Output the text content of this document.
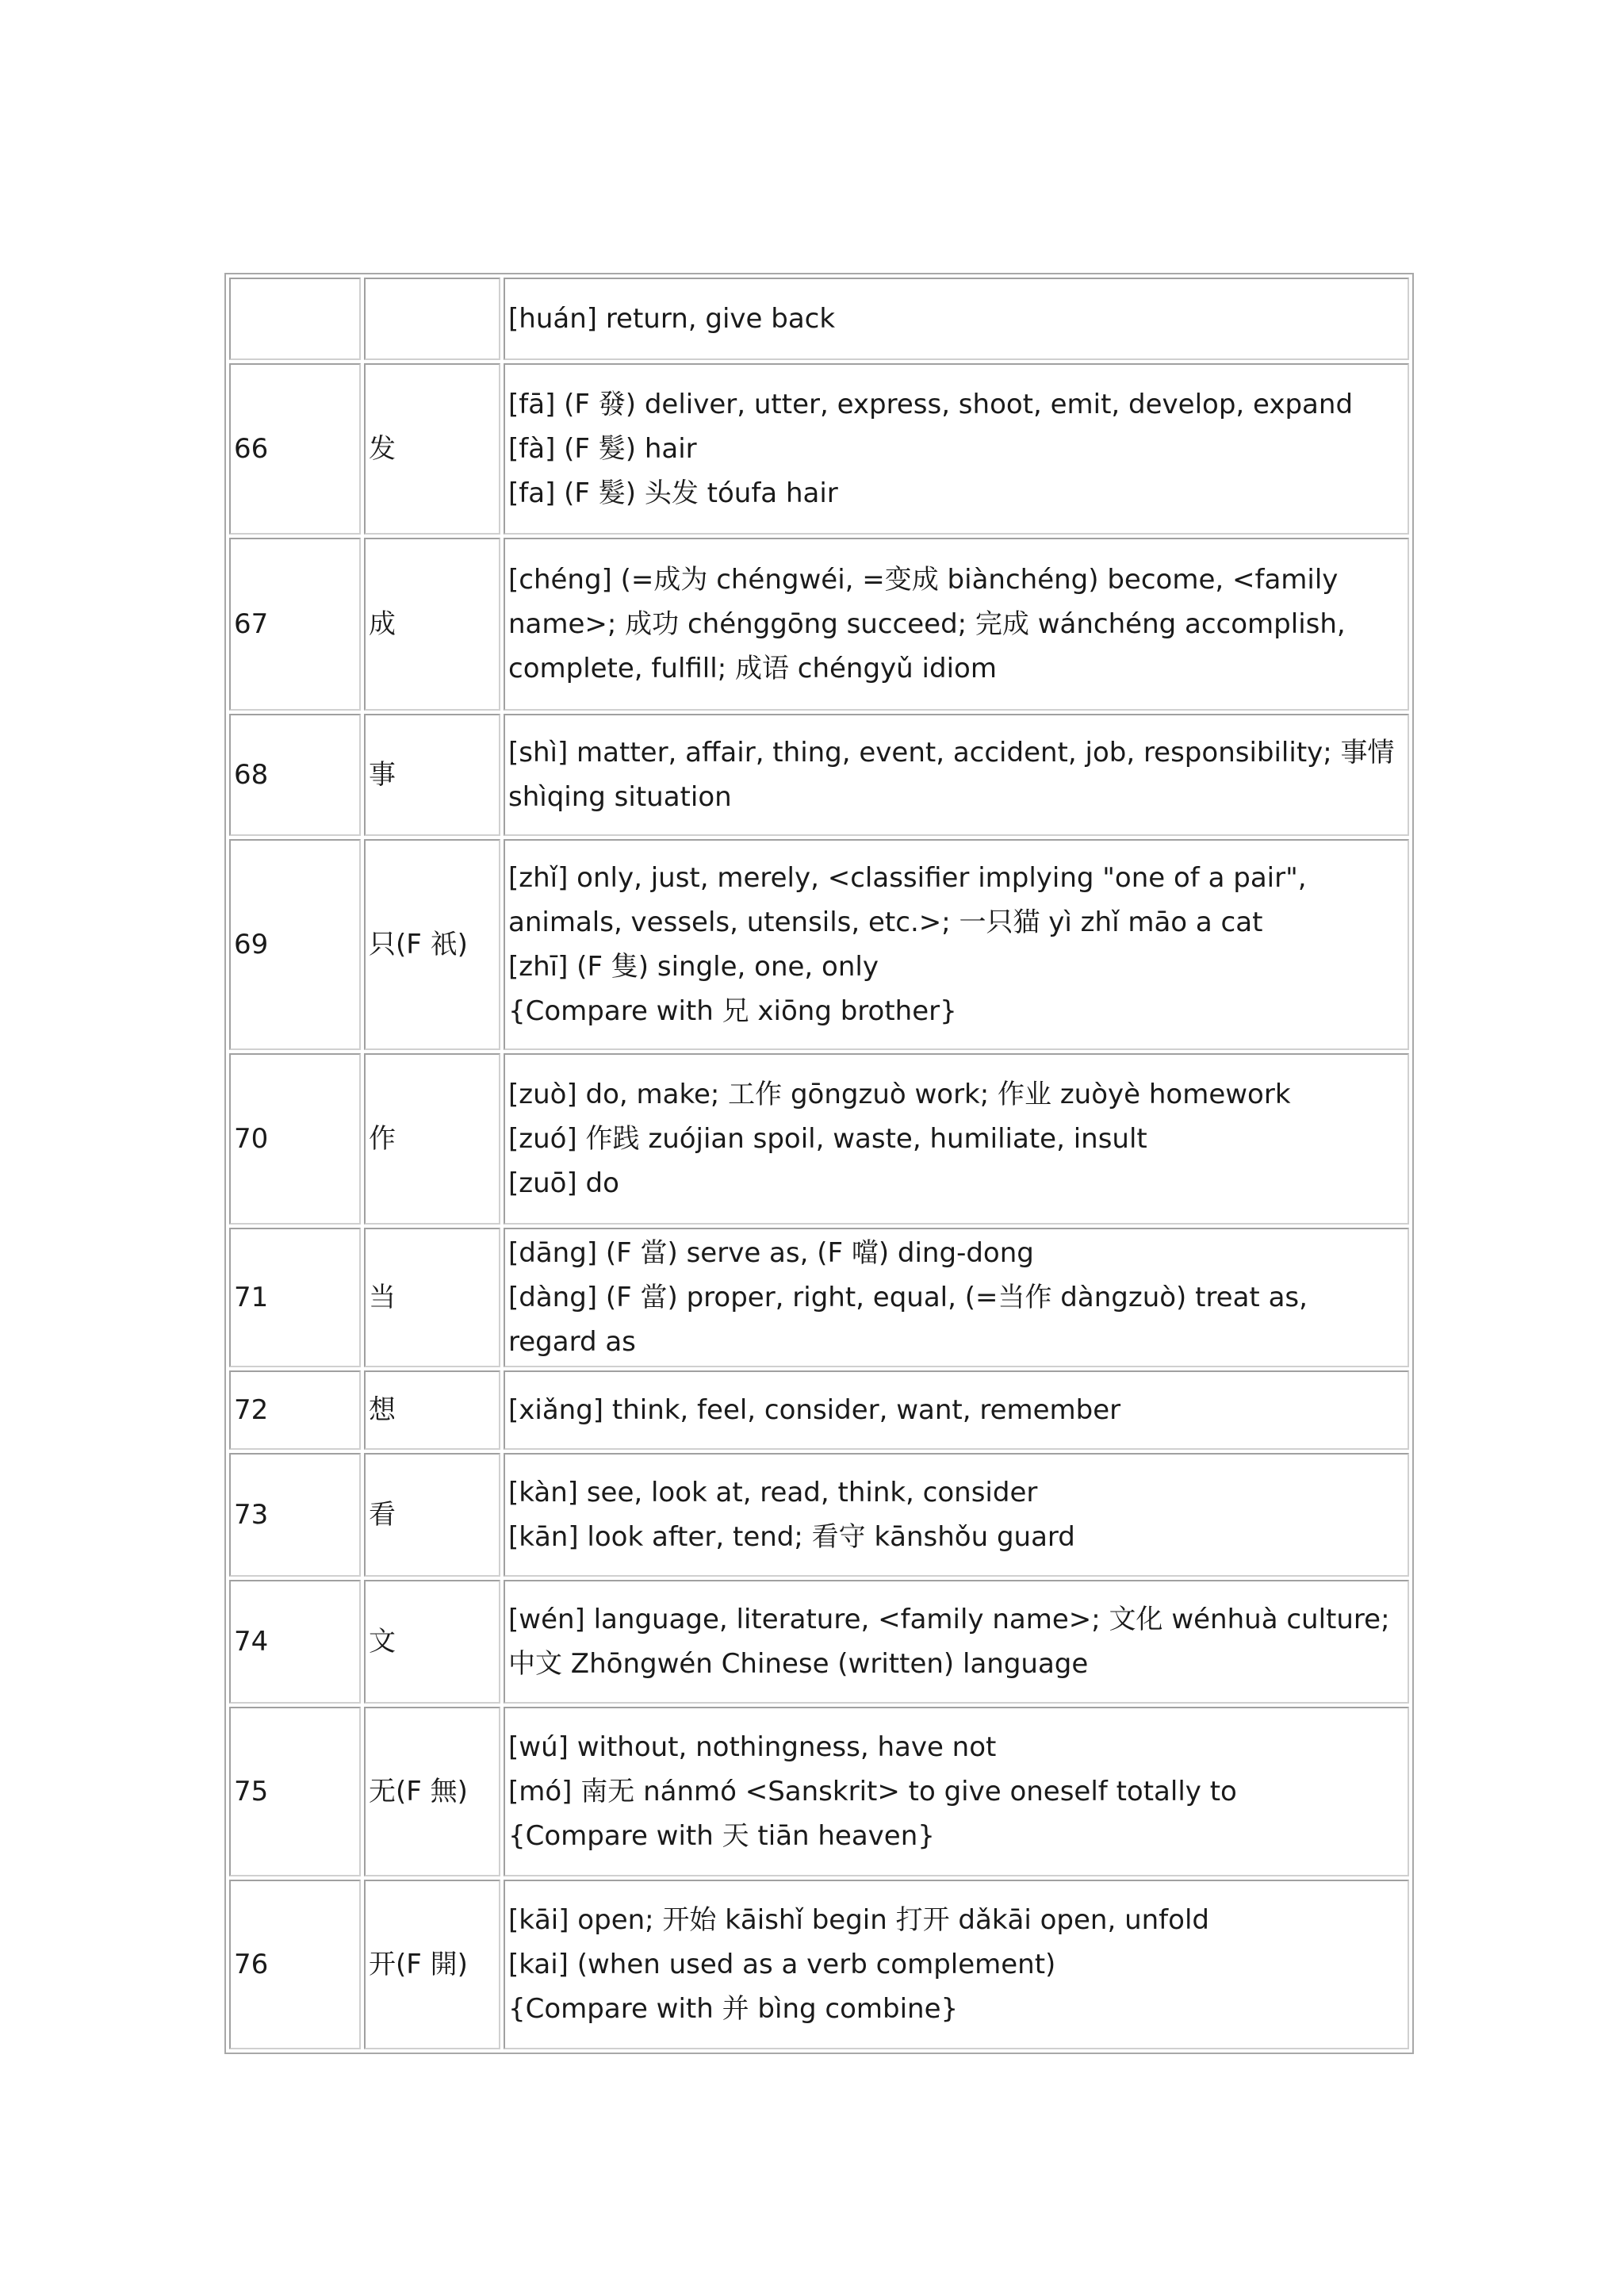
		[huán] return, give back

66	发	[fā] (F 發) deliver, utter, express, shoot, emit, develop, expand
[fà] (F 髮) hair
[fa] (F 髮) 头发 tóufa hair

67	成	[chéng] (=成为 chéngwéi, =变成 biànchéng) become, <family name>; 成功 chénggōng succeed; 完成 wánchéng accomplish, complete, fulfill; 成语 chéngyǔ idiom

68	事	[shì] matter, affair, thing, event, accident, job, responsibility; 事情 shìqing situation

69	只(F 祇)	[zhǐ] only, just, merely, <classifier implying "one of a pair", animals, vessels, utensils, etc.>; 一只猫 yì zhǐ māo a cat
[zhī] (F 隻) single, one, only
{Compare with 兄 xiōng brother}

70	作	[zuò] do, make; 工作 gōngzuò work; 作业 zuòyè homework
[zuó] 作践 zuójian spoil, waste, humiliate, insult
[zuō] do

71	当	[dāng] (F 當) serve as, (F 噹) ding-dong
[dàng] (F 當) proper, right, equal, (=当作 dàngzuò) treat as, regard as

72	想	[xiǎng] think, feel, consider, want, remember

73	看	[kàn] see, look at, read, think, consider
[kān] look after, tend; 看守 kānshǒu guard

74	文	[wén] language, literature, <family name>; 文化 wénhuà culture; 中文 Zhōngwén Chinese (written) language

75	无(F 無)	[wú] without, nothingness, have not
[mó] 南无 nánmó <Sanskrit> to give oneself totally to
{Compare with 天 tiān heaven}

76	开(F 開)	[kāi] open; 开始 kāishǐ begin 打开 dǎkāi open, unfold
[kai] (when used as a verb complement)
{Compare with 并 bìng combine}
